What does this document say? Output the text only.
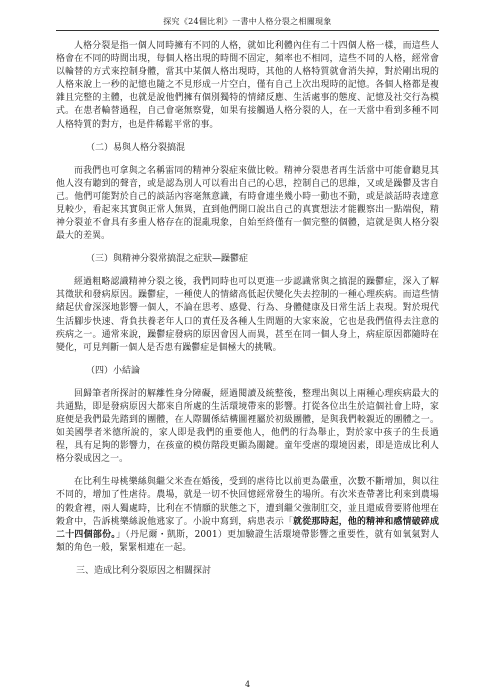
探究《24個比利》一書中人格分裂之相關現象

人格分裂是指一個人同時擁有不同的人格，就如比利體內住有二十四個人格一樣，而這些人格會在不同的時間出現，每個人格出現的時間不固定，頻率也不相同，這些不同的人格，經常會以輪替的方式來控制身體，當其中某個人格出現時，其他的人格特質就會消失掉，對於剛出現的人格來說上一秒的記憶也隨之不見形成一片空白，僅有自己上次出現時的記憶。各個人格都是複雜且完整的主體，也就是說他們擁有個別獨特的情緒反應、生活處事的態度、記憶及社交行為模式。在患者輪替過程，自己會毫無察覺，如果有接觸過人格分裂的人，在一天當中看到多種不同人格特質的對方，也是件稀鬆平常的事。

（二）易與人格分裂搞混

而我們也可拿與之名稱雷同的精神分裂症來做比較。精神分裂患者再生活當中可能會聽見其他人沒有聽到的聲音，或是認為別人可以看出自己的心思，控制自己的思維，又或是躁鬱及害自己。他們可能對於自己的談話內容毫無意識，有時會連坐幾小時一動也不動，或是談話時表達意見較少，看起來其實與正常人無異，直到他們開口說出自己的真實想法才能觀察出一點端倪，精神分裂並不會具有多重人格存在的混亂現象，自始至終僅有一個完整的個體，這就是與人格分裂最大的差異。

（三）與精神分裂常搞混之症狀—躁鬱症

經過粗略認識精神分裂之後，我們同時也可以更進一步認識常與之搞混的躁鬱症，深入了解其徵狀和發病原因。躁鬱症，一種使人的情緒高低起伏變化失去控制的一種心理疾病。而這些情緒起伏會深深地影響一個人，不論在思考、感覺、行為、身體健康及日常生活上表現。對於現代生活腳步快速、背負扶養老年人口的責任及各種人生問題的大家來說，它也是我們值得去注意的疾病之一。通常來說，躁鬱症發病的原因會因人而異，甚至在同一個人身上，病症原因都隨時在變化，可見判斷一個人是否患有躁鬱症是個極大的挑戰。

（四）小結論

回歸筆者所探討的解離性身分障礙，經過閱讀及統整後，整理出與以上兩種心理疾病最大的共通點，即是發病原因大都來自所處的生活環境帶來的影響。打從各位出生於這個社會上時，家庭便是我們最先踏到的團體，在人際關係結構圖裡屬於初級團體，是與我們較親近的團體之一。如美國學者米德所說的，家人即是我們的重要他人，他們的行為舉止，對於家中孩子的生長過程，具有足夠的影響力，在孩童的模仿階段更顯為關鍵。童年受虐的環境因素，即是造成比利人格分裂成因之一。

在比利生母桃樂絲與繼父米查在婚後，受到的虐待比以前更為嚴重，次數不斷增加，與以往不同的，增加了性虐待。農場，就是一切不快回憶經常發生的場所。有次米查帶著比利來到農場的穀倉裡，兩人獨處時，比利在不情願的狀態之下，遭到繼父強制肛交，並且還威脅要將他埋在穀倉中，告訴桃樂絲說他逃家了。小說中寫到，病患表示「就從那時起，他的精神和感情破碎成二十四個部份。」（丹尼爾・凱斯，2001）更加驗證生活環境帶影響之重要性，就有如氧氣對人類的角色一般，緊緊相連在一起。

三、造成比利分裂原因之相關探討

4
